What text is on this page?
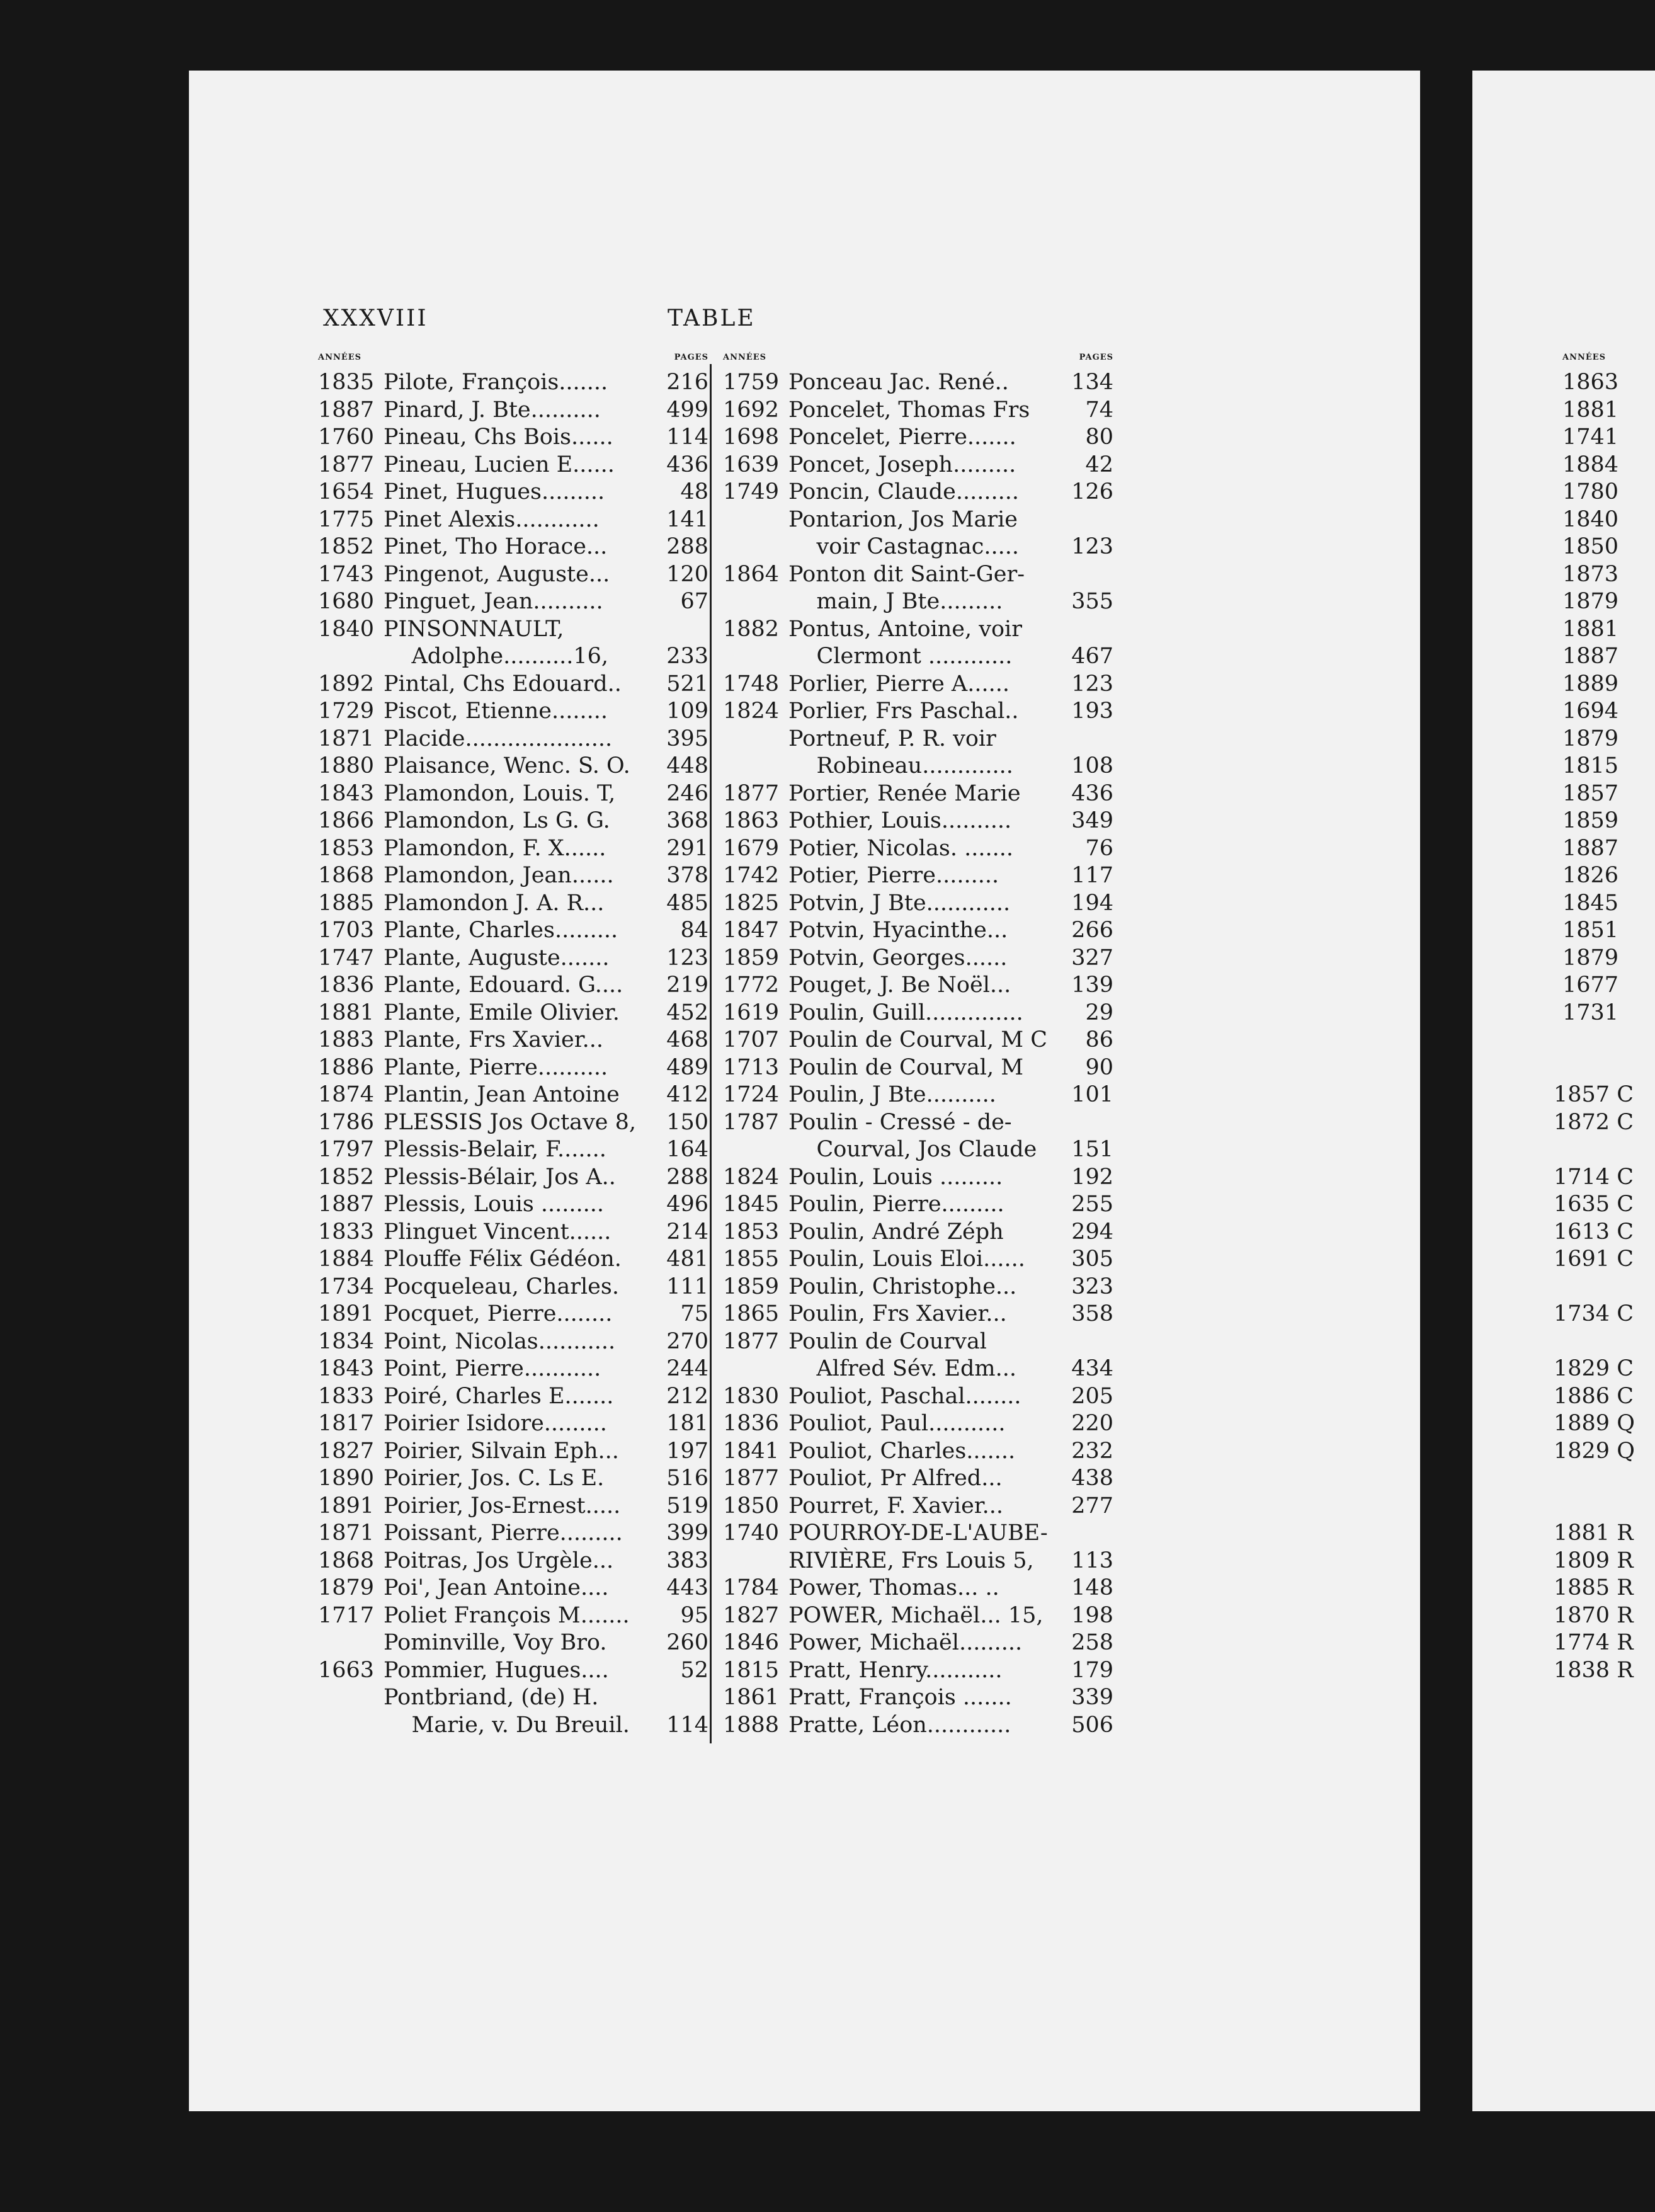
XXXVIII	TABLE
ANNÉES	PAGES
1835 Pilote, François.......	216
1887 Pinard, J. Bte..........	499
1760 Pineau, Chs Bois......	114
1877 Pineau, Lucien E......	436
1654 Pinet, Hugues.........	48
1775 Pinet Alexis............	141
1852 Pinet, Tho Horace...	288
1743 Pingenot, Auguste...	120
1680 Pinguet, Jean..........	67
1840 PINSONNAULT,
Adolphe..........16,	233
1892 Pintal, Chs Edouard..	521
1729 Piscot, Etienne........	109
1871 Placide.....................	395
1880 Plaisance, Wenc. S. O.	448
1843 Plamondon, Louis. T,	246
1866 Plamondon, Ls G. G.	368
1853 Plamondon, F. X......	291
1868 Plamondon, Jean......	378
1885 Plamondon J. A. R...	485
1703 Plante, Charles.........	84
1747 Plante, Auguste.......	123
1836 Plante, Edouard. G....	219
1881 Plante, Emile Olivier.	452
1883 Plante, Frs Xavier...	468
1886 Plante, Pierre..........	489
1874 Plantin, Jean Antoine	412
1786 PLESSIS Jos Octave 8,	150
1797 Plessis-Belair, F.......	164
1852 Plessis-Bélair, Jos A..	288
1887 Plessis, Louis .........	496
1833 Plinguet Vincent......	214
1884 Plouffe Félix Gédéon.	481
1734 Pocqueleau, Charles.	111
1891 Pocquet, Pierre........	75
1834 Point, Nicolas...........	270
1843 Point, Pierre...........	244
1833 Poiré, Charles E.......	212
1817 Poirier Isidore.........	181
1827 Poirier, Silvain Eph...	197
1890 Poirier, Jos. C. Ls E.	516
1891 Poirier, Jos-Ernest.....	519
1871 Poissant, Pierre.........	399
1868 Poitras, Jos Urgèle...	383
1879 Poi', Jean Antoine....	443
1717 Poliet François M.......	95
Pominville, Voy Bro.	260
1663 Pommier, Hugues....	52
Pontbriand, (de) H.
Marie, v. Du Breuil.	114
ANNÉES	PAGES
1759 Ponceau Jac. René..	134
1692 Poncelet, Thomas Frs	74
1698 Poncelet, Pierre.......	80
1639 Poncet, Joseph.........	42
1749 Poncin, Claude.........	126
Pontarion, Jos Marie
voir Castagnac.....	123
1864 Ponton dit Saint-Ger-
main, J Bte.........	355
1882 Pontus, Antoine, voir
Clermont ............	467
1748 Porlier, Pierre A......	123
1824 Porlier, Frs Paschal..	193
Portneuf, P. R. voir
Robineau.............	108
1877 Portier, Renée Marie	436
1863 Pothier, Louis..........	349
1679 Potier, Nicolas. .......	76
1742 Potier, Pierre.........	117
1825 Potvin, J Bte............	194
1847 Potvin, Hyacinthe...	266
1859 Potvin, Georges......	327
1772 Pouget, J. Be Noël...	139
1619 Poulin, Guill..............	29
1707 Poulin de Courval, M C	86
1713 Poulin de Courval, M	90
1724 Poulin, J Bte..........	101
1787 Poulin - Cressé - de-
Courval, Jos Claude	151
1824 Poulin, Louis .........	192
1845 Poulin, Pierre.........	255
1853 Poulin, André Zéph	294
1855 Poulin, Louis Eloi......	305
1859 Poulin, Christophe...	323
1865 Poulin, Frs Xavier...	358
1877 Poulin de Courval
Alfred Sév. Edm...	434
1830 Pouliot, Paschal........	205
1836 Pouliot, Paul...........	220
1841 Pouliot, Charles.......	232
1877 Pouliot, Pr Alfred...	438
1850 Pourret, F. Xavier...	277
1740 POURROY-DE-L'AUBE-
RIVIÈRE, Frs Louis 5,	113
1784 Power, Thomas... ..	148
1827 POWER, Michaël... 15,	198
1846 Power, Michaël.........	258
1815 Pratt, Henry...........	179
1861 Pratt, François .......	339
1888 Pratte, Léon............	506
ANNÉES
1863
1881
1741
1884
1780
1840
1850
1873
1879
1881
1887
1889
1694
1879
1815
1857
1859
1887
1826
1845
1851
1879
1677
1731
1857 C
1872 C
1714 C
1635 C
1613 C
1691 C
1734 C
1829 C
1886 C
1889 Q
1829 Q
1881 R
1809 R
1885 R
1870 R
1774 R
1838 R
